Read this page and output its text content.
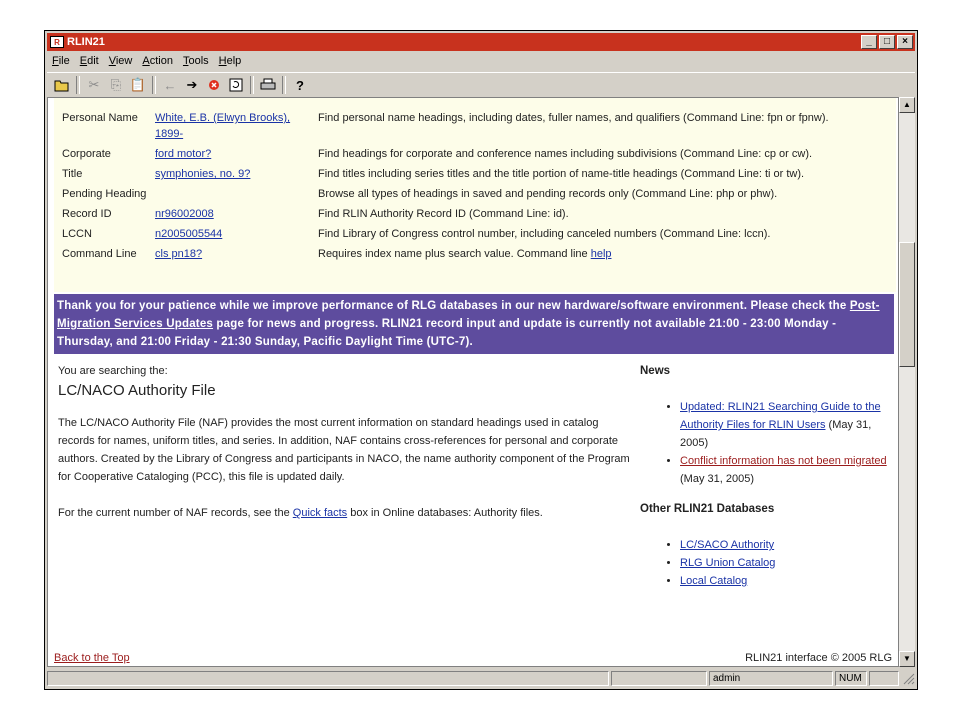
R RLIN21	_	□	×
File Edit View Action Tools Help
✂ ⎘ 📋	← ➔	?
Personal Name	White, E.B. (Elwyn Brooks), 1899-	Find personal name headings, including dates, fuller names, and qualifiers (Command Line: fpn or fpnw).
Corporate	ford motor?	Find headings for corporate and conference names including subdivisions (Command Line: cp or cw).
Title	symphonies, no. 9?	Find titles including series titles and the title portion of name-title headings (Command Line: ti or tw).
Pending Heading		Browse all types of headings in saved and pending records only (Command Line: php or phw).
Record ID	nr96002008	Find RLIN Authority Record ID (Command Line: id).
LCCN	n2005005544	Find Library of Congress control number, including canceled numbers (Command Line: lccn).
Command Line	cls pn18?	Requires index name plus search value. Command line help
Thank you for your patience while we improve performance of RLG databases in our new hardware/software environment. Please check the Post-Migration Services Updates page for news and progress. RLIN21 record input and update is currently not available 21:00 - 23:00 Monday - Thursday, and 21:00 Friday - 21:30 Sunday, Pacific Daylight Time (UTC-7).
You are searching the:
LC/NACO Authority File
The LC/NACO Authority File (NAF) provides the most current information on standard headings used in catalog records for names, uniform titles, and series. In addition, NAF contains cross-references for personal and corporate authors. Created by the Library of Congress and participants in NACO, the name authority component of the Program for Cooperative Cataloging (PCC), this file is updated daily.
For the current number of NAF records, see the Quick facts box in Online databases: Authority files.
News
• Updated: RLIN21 Searching Guide to the Authority Files for RLIN Users (May 31, 2005)
• Conflict information has not been migrated (May 31, 2005)
Other RLIN21 Databases
• LC/SACO Authority
• RLG Union Catalog
• Local Catalog
Back to the Top	RLIN21 interface © 2005 RLG
▲
▼
admin	NUM
